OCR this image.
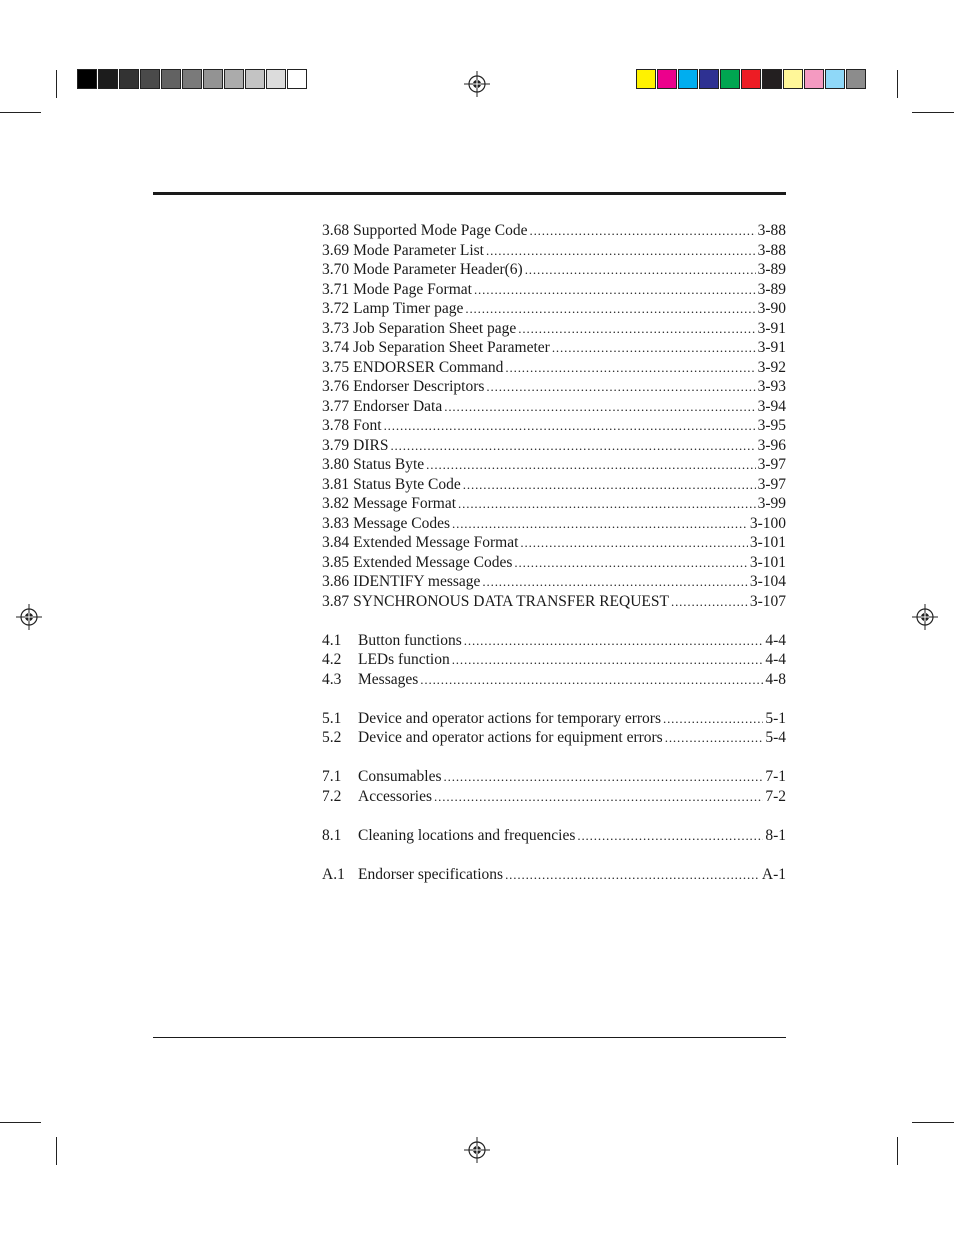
3.68 Supported Mode Page Code . . .	3-88
3.69 Mode Parameter List . . .	3-88
3.70 Mode Parameter Header(6) . . .	3-89
3.71 Mode Page Format . . .	3-89
3.72 Lamp Timer page . . .	3-90
3.73 Job Separation Sheet page . . .	3-91
3.74 Job Separation Sheet Parameter . . .	3-91
3.75 ENDORSER Command . . .	3-92
3.76 Endorser Descriptors . . .	3-93
3.77 Endorser Data . . .	3-94
3.78 Font . . .	3-95
3.79 DIRS . . .	3-96
3.80 Status Byte . . .	3-97
3.81 Status Byte Code . . .	3-97
3.82 Message Format . . .	3-99
3.83 Message Codes . . .	3-100
3.84 Extended Message Format . . .	3-101
3.85 Extended Message Codes . . .	3-101
3.86 IDENTIFY message . . .	3-104
3.87 SYNCHRONOUS DATA TRANSFER REQUEST . . .	3-107
4.1	Button functions . . .	4-4
4.2	LEDs function . . .	4-4
4.3	Messages . . .	4-8
5.1	Device and operator actions for temporary errors . . .	5-1
5.2	Device and operator actions for equipment errors . . .	5-4
7.1	Consumables . . .	7-1
7.2	Accessories . . .	7-2
8.1	Cleaning locations and frequencies . . .	8-1
A.1 Endorser specifications . . .	A-1
